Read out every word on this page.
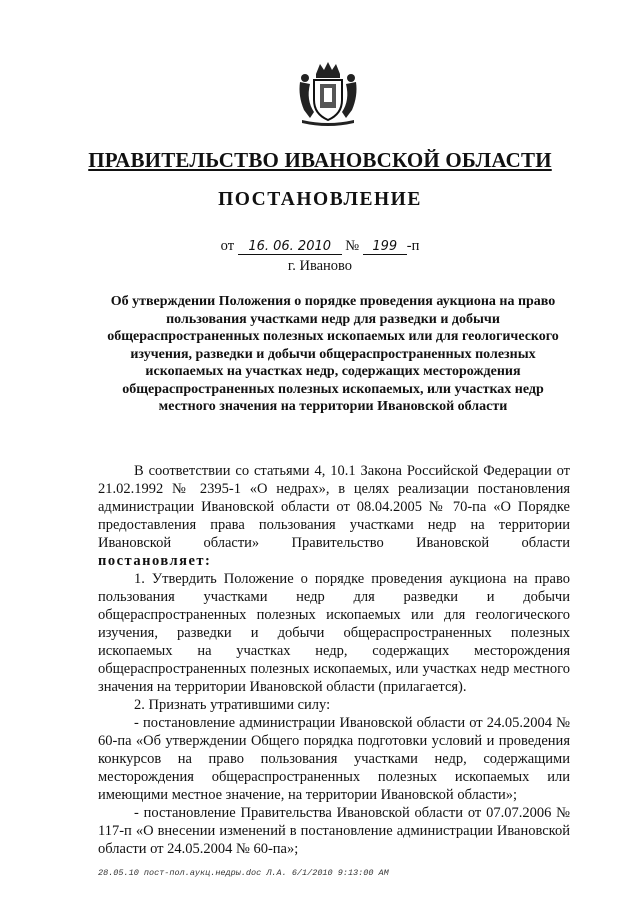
ПРАВИТЕЛЬСТВО ИВАНОВСКОЙ ОБЛАСТИ
ПОСТАНОВЛЕНИЕ
от 16. 06. 2010 № 199 -п
г. Иваново
Об утверждении Положения о порядке проведения аукциона на право пользования участками недр для разведки и добычи общераспространенных полезных ископаемых или для геологического изучения, разведки и добычи общераспространенных полезных ископаемых на участках недр, содержащих месторождения общераспространенных полезных ископаемых, или участках недр местного значения на территории Ивановской области

В соответствии со статьями 4, 10.1 Закона Российской Федерации от 21.02.1992 № 2395-1 «О недрах», в целях реализации постановления администрации Ивановской области от 08.04.2005 № 70-па «О Порядке предоставления права пользования участками недр на территории Ивановской области» Правительство Ивановской области постановляет:

1. Утвердить Положение о порядке проведения аукциона на право пользования участками недр для разведки и добычи общераспространенных полезных ископаемых или для геологического изучения, разведки и добычи общераспространенных полезных ископаемых на участках недр, содержащих месторождения общераспространенных полезных ископаемых, или участках недр местного значения на территории Ивановской области (прилагается).

2. Признать утратившими силу:

- постановление администрации Ивановской области от 24.05.2004 № 60-па «Об утверждении Общего порядка подготовки условий и проведения конкурсов на право пользования участками недр, содержащими месторождения общераспространенных полезных ископаемых или имеющими местное значение, на территории Ивановской области»;

- постановление Правительства Ивановской области от 07.07.2006 № 117-п «О внесении изменений в постановление администрации Ивановской области от 24.05.2004 № 60-па»;

28.05.10 пост-пол.аукц.недры.doc Л.А. 6/1/2010 9:13:00 AM
